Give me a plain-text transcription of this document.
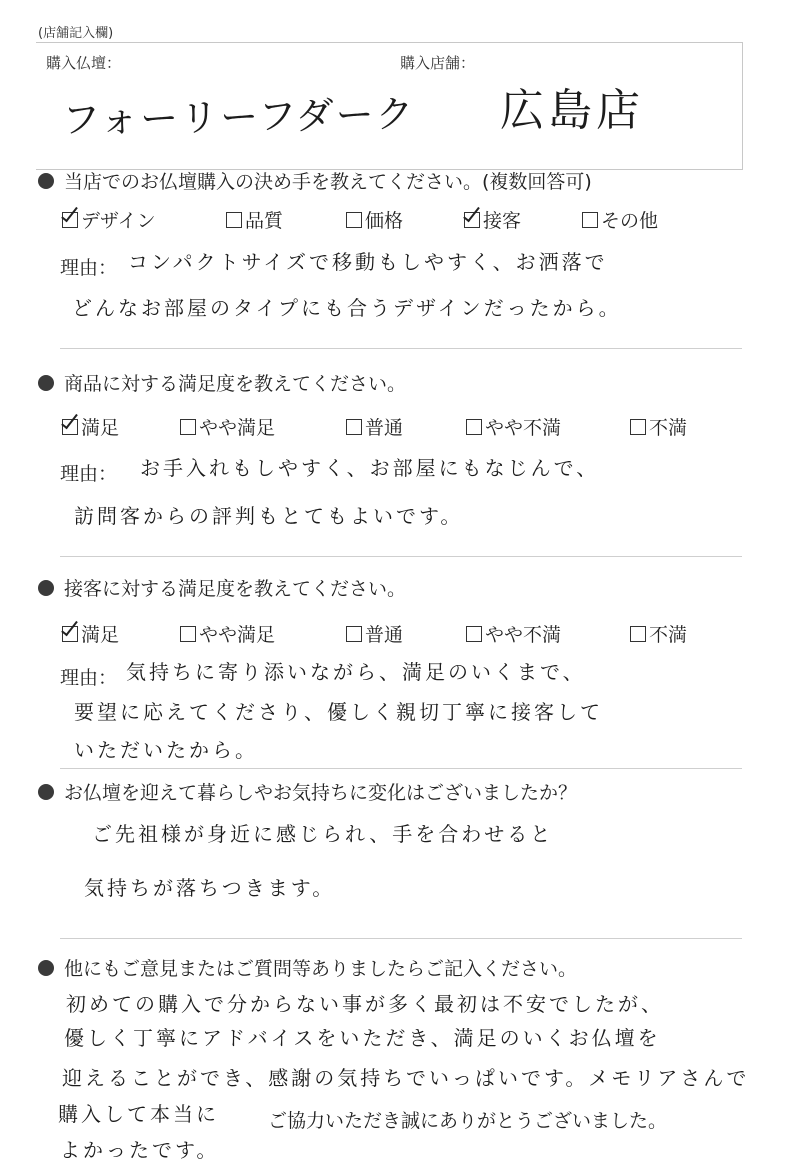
(店舗記入欄)
購入仏壇：	購入店舗：
フォーリーフダーク 広島店
当店でのお仏壇購入の決め手を教えてください。(複数回答可)
デザイン	品質	価格	接客	その他
理由： コンパクトサイズで移動もしやすく、お洒落で
どんなお部屋のタイプにも合うデザインだったから。
商品に対する満足度を教えてください。
満足	やや満足	普通	やや不満	不満
理由： お手入れもしやすく、お部屋にもなじんで、
訪問客からの評判もとてもよいです。
接客に対する満足度を教えてください。
満足	やや満足	普通	やや不満	不満
理由： 気持ちに寄り添いながら、満足のいくまで、
要望に応えてくださり、優しく親切丁寧に接客して
いただいたから。
お仏壇を迎えて暮らしやお気持ちに変化はございましたか？
ご先祖様が身近に感じられ、手を合わせると
気持ちが落ちつきます。
他にもご意見またはご質問等ありましたらご記入ください。
初めての購入で分からない事が多く最初は不安でしたが、
優しく丁寧にアドバイスをいただき、満足のいくお仏壇を
迎えることができ、感謝の気持ちでいっぱいです。メモリアさんで
購入して本当に	ご協力いただき誠にありがとうございました。
よかったです。
